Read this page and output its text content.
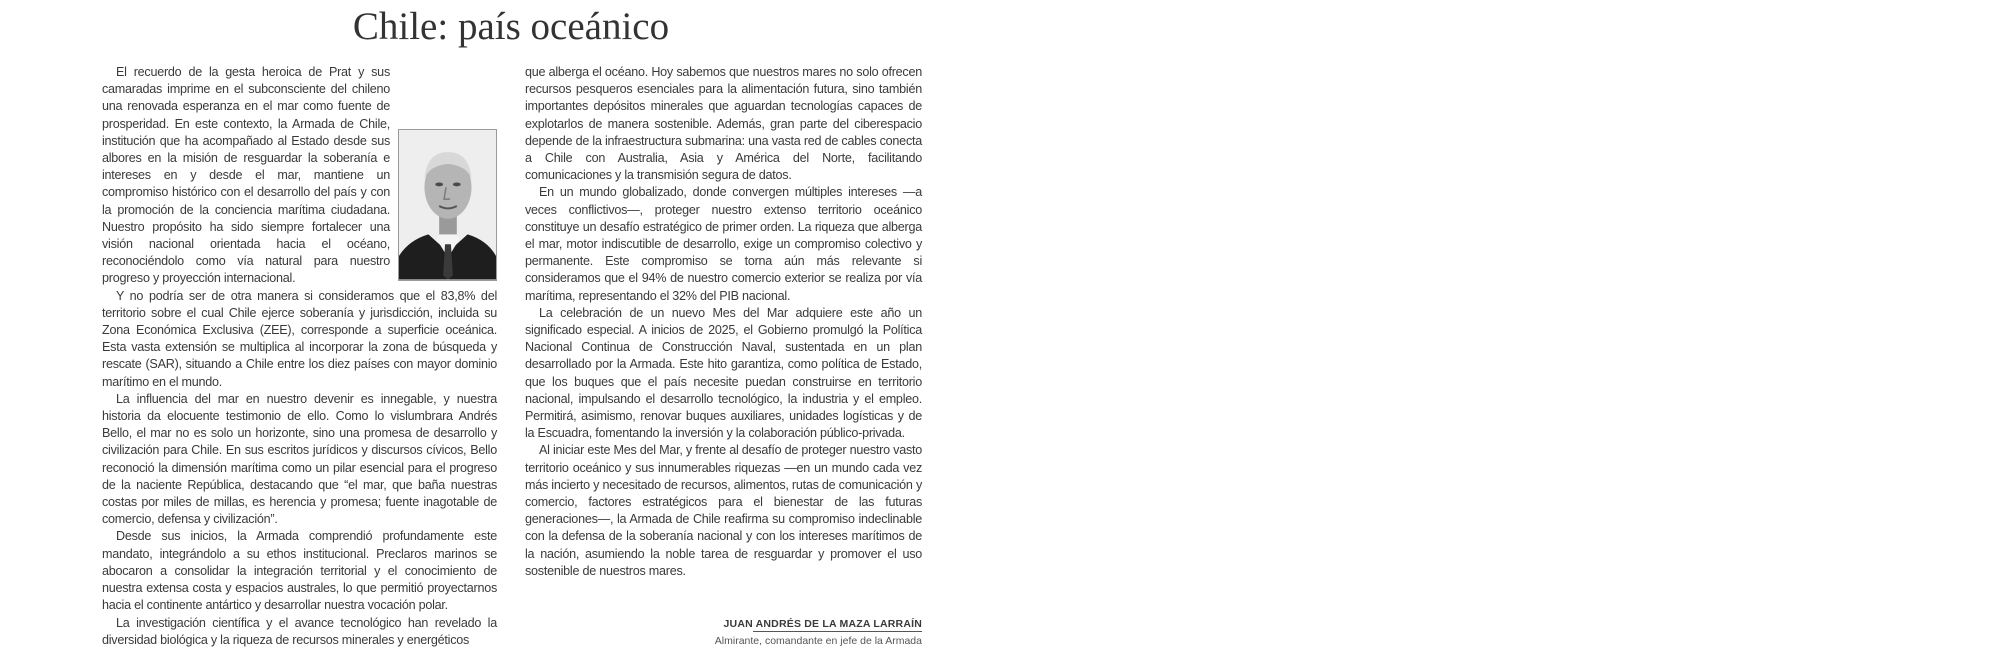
Chile: país oceánico

El recuerdo de la gesta heroica de Prat y sus camaradas imprime en el subconsciente del chileno una renovada esperanza en el mar como fuente de prosperidad. En este contexto, la Armada de Chile, institución que ha acompañado al Estado desde sus albores en la misión de resguardar la soberanía e intereses en y desde el mar, mantiene un compromiso histórico con el desarrollo del país y con la promoción de la conciencia marítima ciudadana. Nuestro propósito ha sido siempre fortalecer una visión nacional orientada hacia el océano, reconociéndolo como vía natural para nuestro progreso y proyección internacional.

Y no podría ser de otra manera si consideramos que el 83,8% del territorio sobre el cual Chile ejerce soberanía y jurisdicción, incluida su Zona Económica Exclusiva (ZEE), corresponde a superficie oceánica. Esta vasta extensión se multiplica al incorporar la zona de búsqueda y rescate (SAR), situando a Chile entre los diez países con mayor dominio marítimo en el mundo.

La influencia del mar en nuestro devenir es innegable, y nuestra historia da elocuente testimonio de ello. Como lo vislumbrara Andrés Bello, el mar no es solo un horizonte, sino una promesa de desarrollo y civilización para Chile. En sus escritos jurídicos y discursos cívicos, Bello reconoció la dimensión marítima como un pilar esencial para el progreso de la naciente República, destacando que “el mar, que baña nuestras costas por miles de millas, es herencia y promesa; fuente inagotable de comercio, defensa y civilización”.

Desde sus inicios, la Armada comprendió profundamente este mandato, integrándolo a su ethos institucional. Preclaros marinos se abocaron a consolidar la integración territorial y el conocimiento de nuestra extensa costa y espacios australes, lo que permitió proyectarnos hacia el continente antártico y desarrollar nuestra vocación polar.

La investigación científica y el avance tecnológico han revelado la diversidad biológica y la riqueza de recursos minerales y energéticos

que alberga el océano. Hoy sabemos que nuestros mares no solo ofrecen recursos pesqueros esenciales para la alimentación futura, sino también importantes depósitos minerales que aguardan tecnologías capaces de explotarlos de manera sostenible. Además, gran parte del ciberespacio depende de la infraestructura submarina: una vasta red de cables conecta a Chile con Australia, Asia y América del Norte, facilitando comunicaciones y la transmisión segura de datos.

En un mundo globalizado, donde convergen múltiples intereses —a veces conflictivos—, proteger nuestro extenso territorio oceánico constituye un desafío estratégico de primer orden. La riqueza que alberga el mar, motor indiscutible de desarrollo, exige un compromiso colectivo y permanente. Este compromiso se torna aún más relevante si consideramos que el 94% de nuestro comercio exterior se realiza por vía marítima, representando el 32% del PIB nacional.

La celebración de un nuevo Mes del Mar adquiere este año un significado especial. A inicios de 2025, el Gobierno promulgó la Política Nacional Continua de Construcción Naval, sustentada en un plan desarrollado por la Armada. Este hito garantiza, como política de Estado, que los buques que el país necesite puedan construirse en territorio nacional, impulsando el desarrollo tecnológico, la industria y el empleo. Permitirá, asimismo, renovar buques auxiliares, unidades logísticas y de la Escuadra, fomentando la inversión y la colaboración público-privada.

Al iniciar este Mes del Mar, y frente al desafío de proteger nuestro vasto territorio oceánico y sus innumerables riquezas —en un mundo cada vez más incierto y necesitado de recursos, alimentos, rutas de comunicación y comercio, factores estratégicos para el bienestar de las futuras generaciones—, la Armada de Chile reafirma su compromiso indeclinable con la defensa de la soberanía nacional y con los intereses marítimos de la nación, asumiendo la noble tarea de resguardar y promover el uso sostenible de nuestros mares.

JUAN ANDRÉS DE LA MAZA LARRAÍN
Almirante, comandante en jefe de la Armada
